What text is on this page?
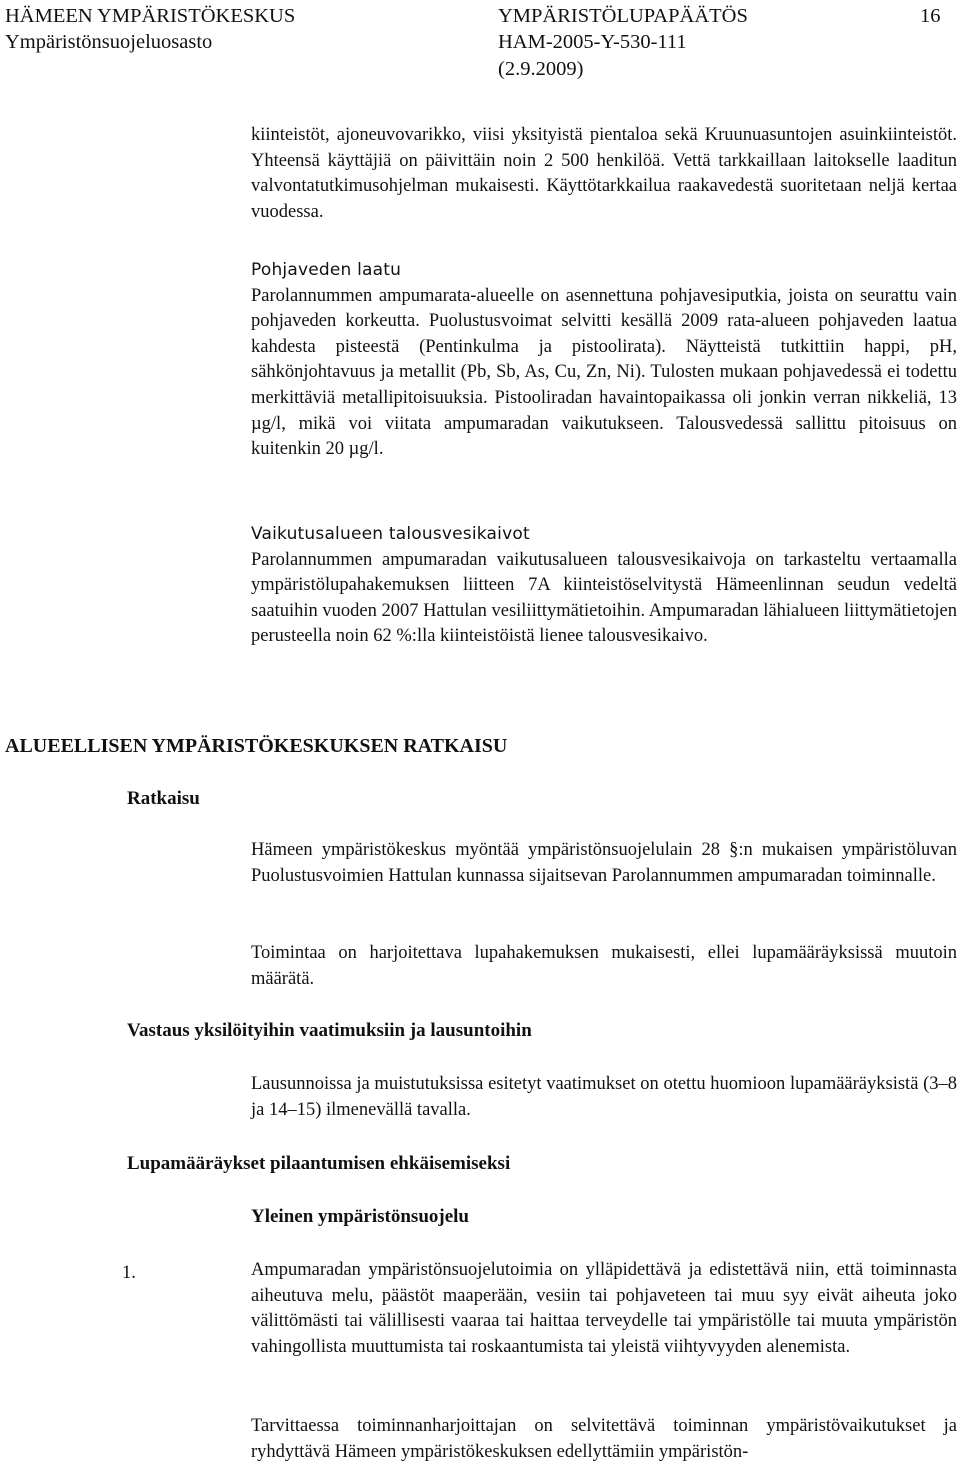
HÄMEEN YMPÄRISTÖKESKUS
Ympäristönsuojeluosasto
YMPÄRISTÖLUPAPÄÄTÖS
HAM-2005-Y-530-111
(2.9.2009)
16

kiinteistöt, ajoneuvovarikko, viisi yksityistä pientaloa sekä Kruunuasuntojen asuinkiinteistöt. Yhteensä käyttäjiä on päivittäin noin 2 500 henkilöä. Vettä tarkkaillaan laitokselle laaditun valvontatutkimusohjelman mukaisesti. Käyttötarkkailua raakavedestä suoritetaan neljä kertaa vuodessa.

Pohjaveden laatu

Parolannummen ampumarata-alueelle on asennettuna pohjavesiputkia, joista on seurattu vain pohjaveden korkeutta. Puolustusvoimat selvitti kesällä 2009 rata-alueen pohjaveden laatua kahdesta pisteestä (Pentinkulma ja pistoolirata). Näytteistä tutkittiin happi, pH, sähkönjohtavuus ja metallit (Pb, Sb, As, Cu, Zn, Ni). Tulosten mukaan pohjavedessä ei todettu merkittäviä metallipitoisuuksia. Pistooliradan havaintopaikassa oli jonkin verran nikkeliä, 13 µg/l, mikä voi viitata ampumaradan vaikutukseen. Talousvedessä sallittu pitoisuus on kuitenkin 20 µg/l.

Vaikutusalueen talousvesikaivot

Parolannummen ampumaradan vaikutusalueen talousvesikaivoja on tarkasteltu vertaamalla ympäristölupahakemuksen liitteen 7A kiinteistöselvitystä Hämeenlinnan seudun vedeltä saatuihin vuoden 2007 Hattulan vesiliittymätietoihin. Ampumaradan lähialueen liittymätietojen perusteella noin 62 %:lla kiinteistöistä lienee talousvesikaivo.

ALUEELLISEN YMPÄRISTÖKESKUKSEN RATKAISU
Ratkaisu

Hämeen ympäristökeskus myöntää ympäristönsuojelulain 28 §:n mukaisen ympäristöluvan Puolustusvoimien Hattulan kunnassa sijaitsevan Parolannummen ampumaradan toiminnalle.

Toimintaa on harjoitettava lupahakemuksen mukaisesti, ellei lupamääräyksissä muutoin määrätä.

Vastaus yksilöityihin vaatimuksiin ja lausuntoihin

Lausunnoissa ja muistutuksissa esitetyt vaatimukset on otettu huomioon lupamääräyksistä (3–8 ja 14–15) ilmenevällä tavalla.

Lupamääräykset pilaantumisen ehkäisemiseksi
Yleinen ympäristönsuojelu
1.	Ampumaradan ympäristönsuojelutoimia on ylläpidettävä ja edistettävä niin, että toiminnasta aiheutuva melu, päästöt maaperään, vesiin tai pohjaveteen tai muu syy eivät aiheuta joko välittömästi tai välillisesti vaaraa tai haittaa terveydelle tai ympäristölle tai muuta ympäristön vahingollista muuttumista tai roskaantumista tai yleistä viihtyvyyden alenemista.

Tarvittaessa toiminnanharjoittajan on selvitettävä toiminnan ympäristövaikutukset ja ryhdyttävä Hämeen ympäristökeskuksen edellyttämiin ympäristön-
